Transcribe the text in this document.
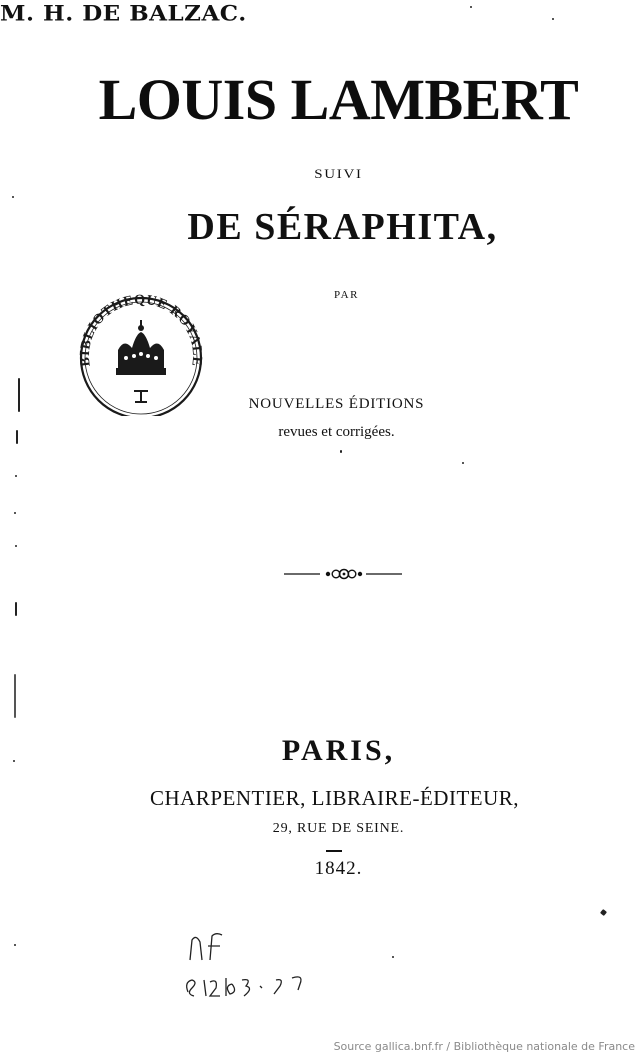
LOUIS LAMBERT
SUIVI
DE SÉRAPHITA,
PAR
M. H. DE BALZAC.
NOUVELLES ÉDITIONS
revues et corrigées.
BIBLIOTHEQUE ROYALE
PARIS,
CHARPENTIER, LIBRAIRE-ÉDITEUR,
29, RUE DE SEINE.
1842.
Source gallica.bnf.fr / Bibliothèque nationale de France
